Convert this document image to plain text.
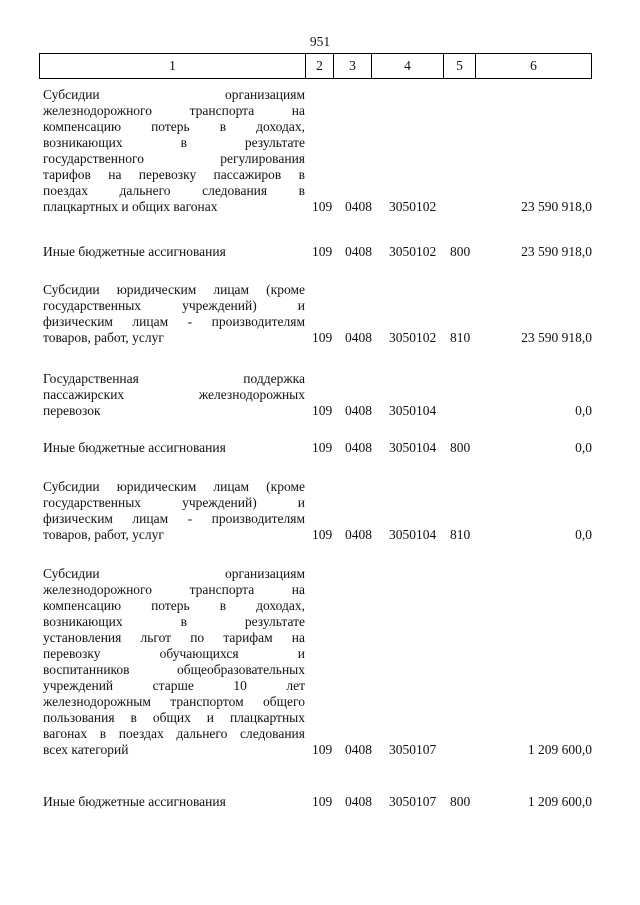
951
1	2	3	4	5	6
Субсидии организациям
железнодорожного транспорта на
компенсацию потерь в доходах,
возникающих в результате
государственного регулирования
тарифов на перевозку пассажиров в
поездах дальнего следования в
плацкартных и общих вагонах	109 0408 3050102	23 590 918,0
Иные бюджетные ассигнования	109 0408 3050102 800	23 590 918,0
Субсидии юридическим лицам (кроме
государственных учреждений) и
физическим лицам - производителям
товаров, работ, услуг	109 0408 3050102 810	23 590 918,0
Государственная поддержка
пассажирских железнодорожных
перевозок	109 0408 3050104	0,0
Иные бюджетные ассигнования	109 0408 3050104 800	0,0
Субсидии юридическим лицам (кроме
государственных учреждений) и
физическим лицам - производителям
товаров, работ, услуг	109 0408 3050104 810	0,0
Субсидии организациям
железнодорожного транспорта на
компенсацию потерь в доходах,
возникающих в результате
установления льгот по тарифам на
перевозку обучающихся и
воспитанников общеобразовательных
учреждений старше 10 лет
железнодорожным транспортом общего
пользования в общих и плацкартных
вагонах в поездах дальнего следования
всех категорий	109 0408 3050107	1 209 600,0
Иные бюджетные ассигнования	109 0408 3050107 800	1 209 600,0
